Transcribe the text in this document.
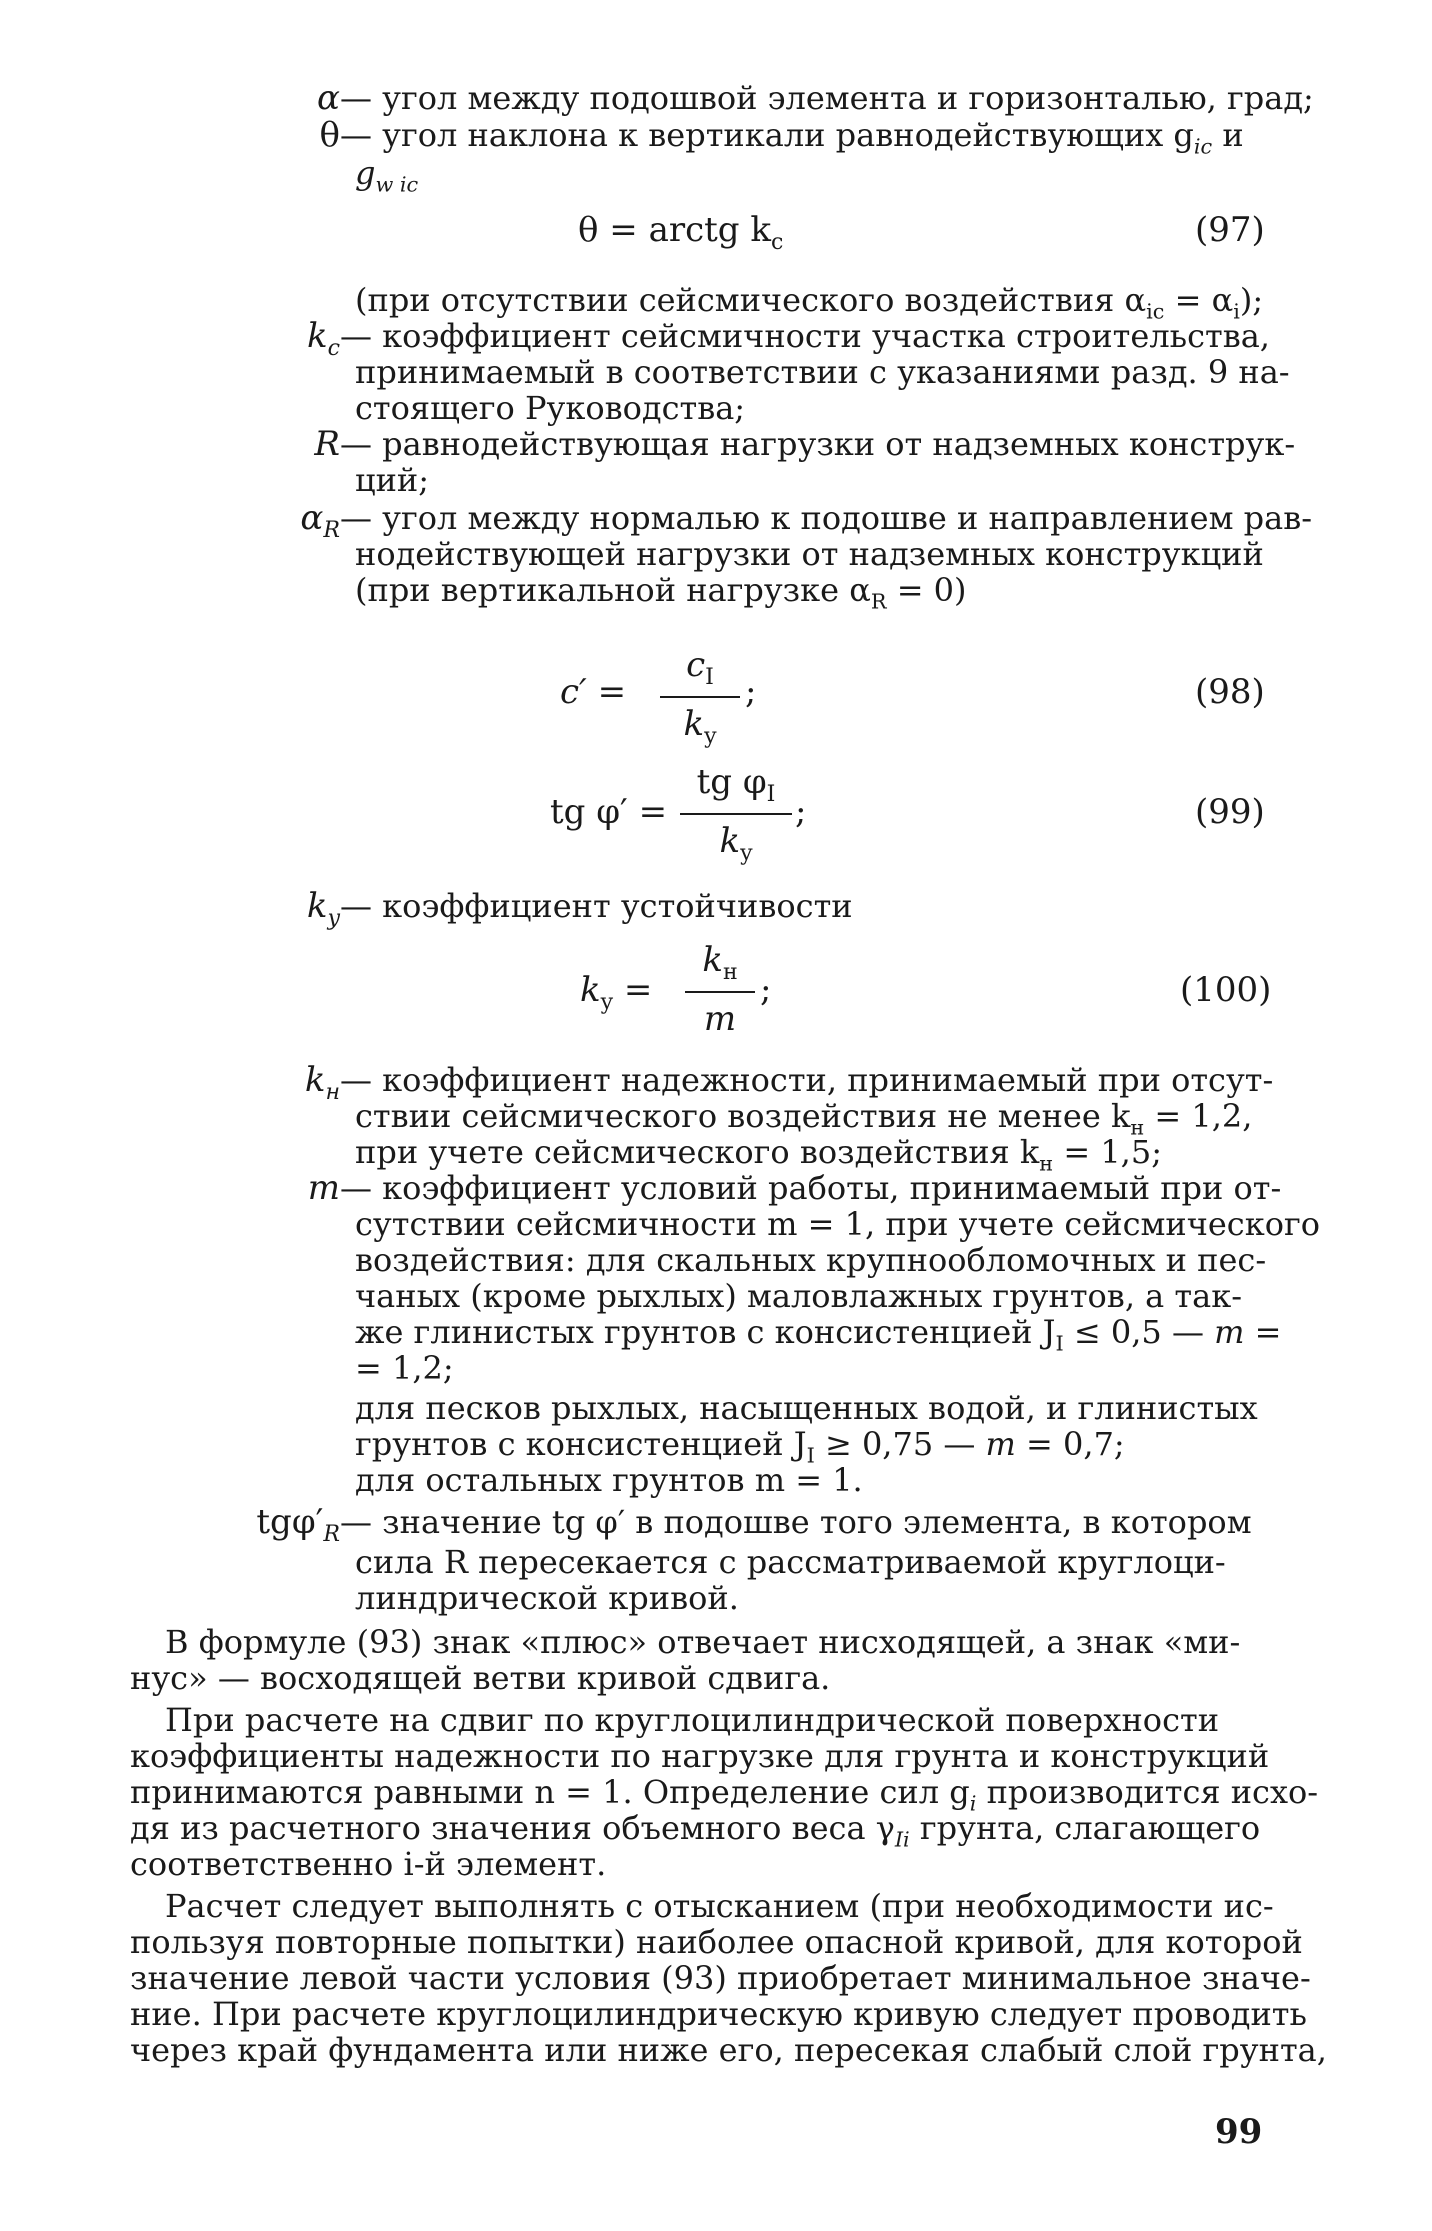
α — угол между подошвой элемента и горизонталью, град;
θ — угол наклона к вертикали равнодействующих $g_{ic}$ и
$g_{w ic}$
θ = arctg $k_c$	(97)
(при отсутствии сейсмического воздействия $\alpha_{ic} = \alpha_i$);
$k_c$ — коэффициент сейсмичности участка строительства,
принимаемый в соответствии с указаниями разд. 9 на-
стоящего Руководства;
R — равнодействующая нагрузки от надземных конструк-
ций;
$\alpha_R$ — угол между нормалью к подошве и направлением рав-
нодействующей нагрузки от надземных конструкций
(при вертикальной нагрузке $\alpha_R = 0$)
$c' = \frac{c_I}{k_y}$ ;	(98)
tg $\varphi' = \frac{tg \varphi_I}{k_y}$ ;	(99)
$k_y$ — коэффициент устойчивости
$k_y$ =
$k_н$
m
;	(100)
$k_н$ — коэффициент надежности, принимаемый при отсут-
ствии сейсмического воздействия не менее $k_н = 1,2$,
при учете сейсмического воздействия $k_н = 1,5$;
m — коэффициент условий работы, принимаемый при от-
сутствии сейсмичности m = 1, при учете сейсмического
воздействия: для скальных крупнообломочных и пес-
чаных (кроме рыхлых) маловлажных грунтов, а так-
же глинистых грунтов с консистенцией $J_I \le 0,5$ — m =
= 1,2;
для песков рыхлых, насыщенных водой, и глинистых
грунтов с консистенцией $J_I \ge 0,75$ — m = 0,7;
для остальных грунтов m = 1.
$tg\varphi'_R$ — значение tg φ′ в подошве того элемента, в котором
сила R пересекается с рассматриваемой круглоци-
линдрической кривой.
В формуле (93) знак «плюс» отвечает нисходящей, а знак «ми-
нус» — восходящей ветви кривой сдвига.
При расчете на сдвиг по круглоцилиндрической поверхности
коэффициенты надежности по нагрузке для грунта и конструкций
принимаются равными n = 1. Определение сил $g_i$ производится исхо-
дя из расчетного значения объемного веса $\gamma_{Ii}$ грунта, слагающего
соответственно i-й элемент.
Расчет следует выполнять с отысканием (при необходимости ис-
пользуя повторные попытки) наиболее опасной кривой, для которой
значение левой части условия (93) приобретает минимальное значе-
ние. При расчете круглоцилиндрическую кривую следует проводить
через край фундамента или ниже его, пересекая слабый слой грунта,
99
